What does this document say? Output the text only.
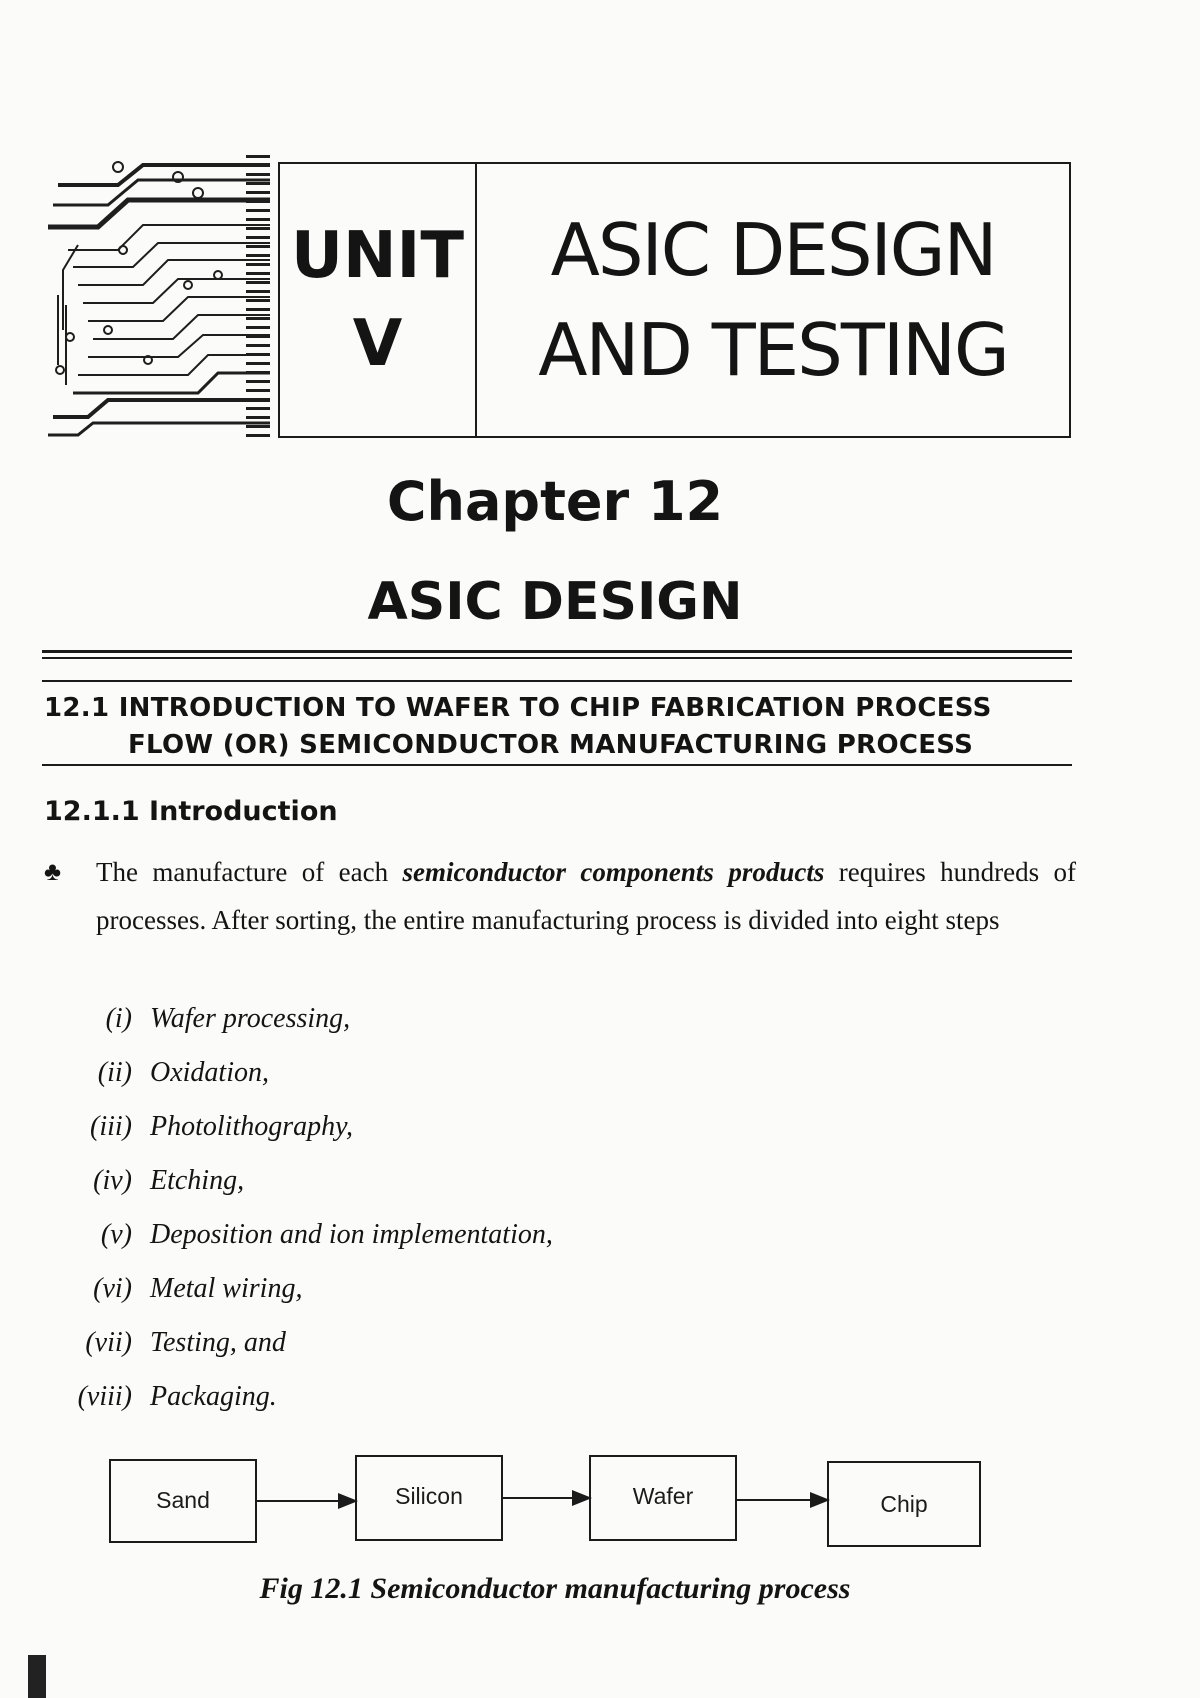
UNIT
V
ASIC DESIGN
AND TESTING
Chapter 12
ASIC DESIGN
12.1 INTRODUCTION TO WAFER TO CHIP FABRICATION PROCESS
FLOW (OR) SEMICONDUCTOR MANUFACTURING PROCESS
12.1.1 Introduction
♣ The manufacture of each semiconductor components products requires hundreds of processes. After sorting, the entire manufacturing process is divided into eight steps
(i) Wafer processing,
(ii) Oxidation,
(iii) Photolithography,
(iv) Etching,
(v) Deposition and ion implementation,
(vi) Metal wiring,
(vii) Testing, and
(viii) Packaging.
Sand	Silicon	Wafer	Chip
Fig 12.1 Semiconductor manufacturing process
